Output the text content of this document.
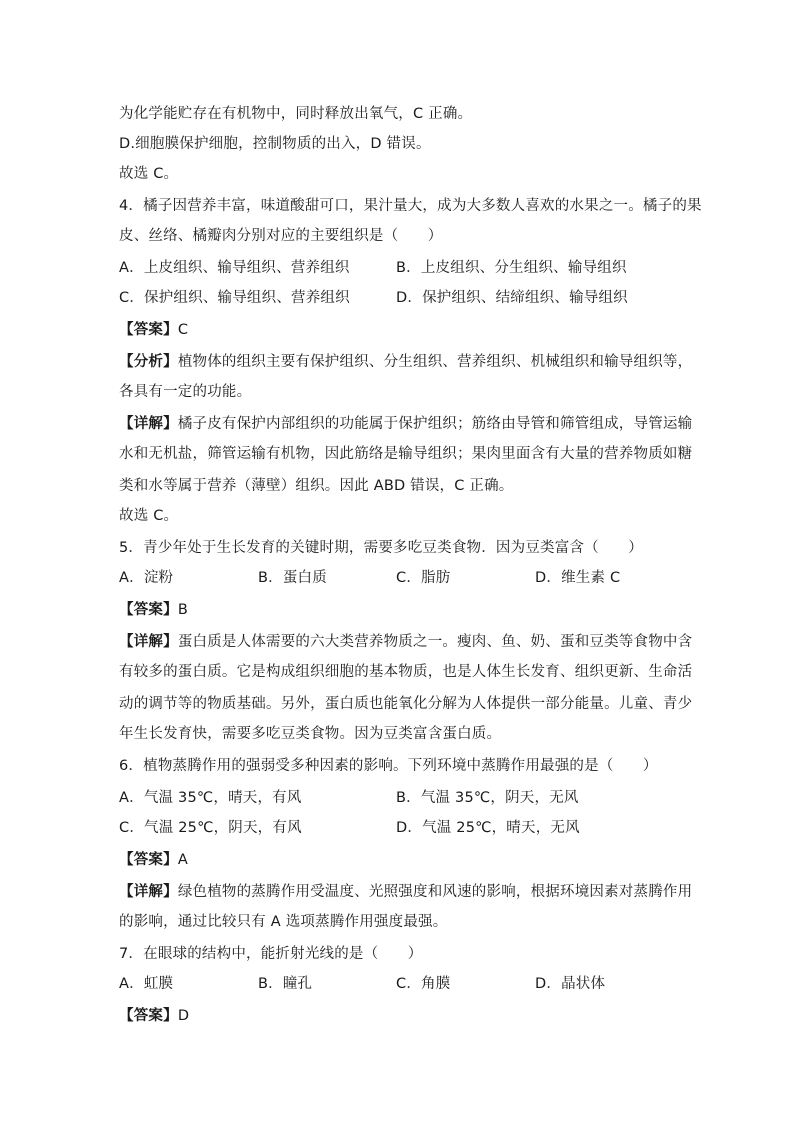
为化学能贮存在有机物中，同时释放出氧气，C 正确。
D.细胞膜保护细胞，控制物质的出入，D 错误。
故选 C。
4．橘子因营养丰富，味道酸甜可口，果汁量大，成为大多数人喜欢的水果之一。橘子的果
皮、丝络、橘瓣肉分别对应的主要组织是（　　）
A．上皮组织、输导组织、营养组织	B．上皮组织、分生组织、输导组织
C．保护组织、输导组织、营养组织	D．保护组织、结缔组织、输导组织
【答案】C
【分析】植物体的组织主要有保护组织、分生组织、营养组织、机械组织和输导组织等，
各具有一定的功能。
【详解】橘子皮有保护内部组织的功能属于保护组织；筋络由导管和筛管组成，导管运输
水和无机盐，筛管运输有机物，因此筋络是输导组织；果肉里面含有大量的营养物质如糖
类和水等属于营养（薄壁）组织。因此 ABD 错误，C 正确。
故选 C。
5．青少年处于生长发育的关键时期，需要多吃豆类食物．因为豆类富含（　　）
A．淀粉	B．蛋白质	C．脂肪	D．维生素 C
【答案】B
【详解】蛋白质是人体需要的六大类营养物质之一。瘦肉、鱼、奶、蛋和豆类等食物中含
有较多的蛋白质。它是构成组织细胞的基本物质，也是人体生长发育、组织更新、生命活
动的调节等的物质基础。另外，蛋白质也能氧化分解为人体提供一部分能量。儿童、青少
年生长发育快，需要多吃豆类食物。因为豆类富含蛋白质。
6．植物蒸腾作用的强弱受多种因素的影响。下列环境中蒸腾作用最强的是（　　）
A．气温 35℃，晴天，有风	B．气温 35℃，阴天，无风
C．气温 25℃，阴天，有风	D．气温 25℃，晴天，无风
【答案】A
【详解】绿色植物的蒸腾作用受温度、光照强度和风速的影响，根据环境因素对蒸腾作用
的影响，通过比较只有 A 选项蒸腾作用强度最强。
7．在眼球的结构中，能折射光线的是（　　）
A．虹膜	B．瞳孔	C．角膜	D．晶状体
【答案】D
